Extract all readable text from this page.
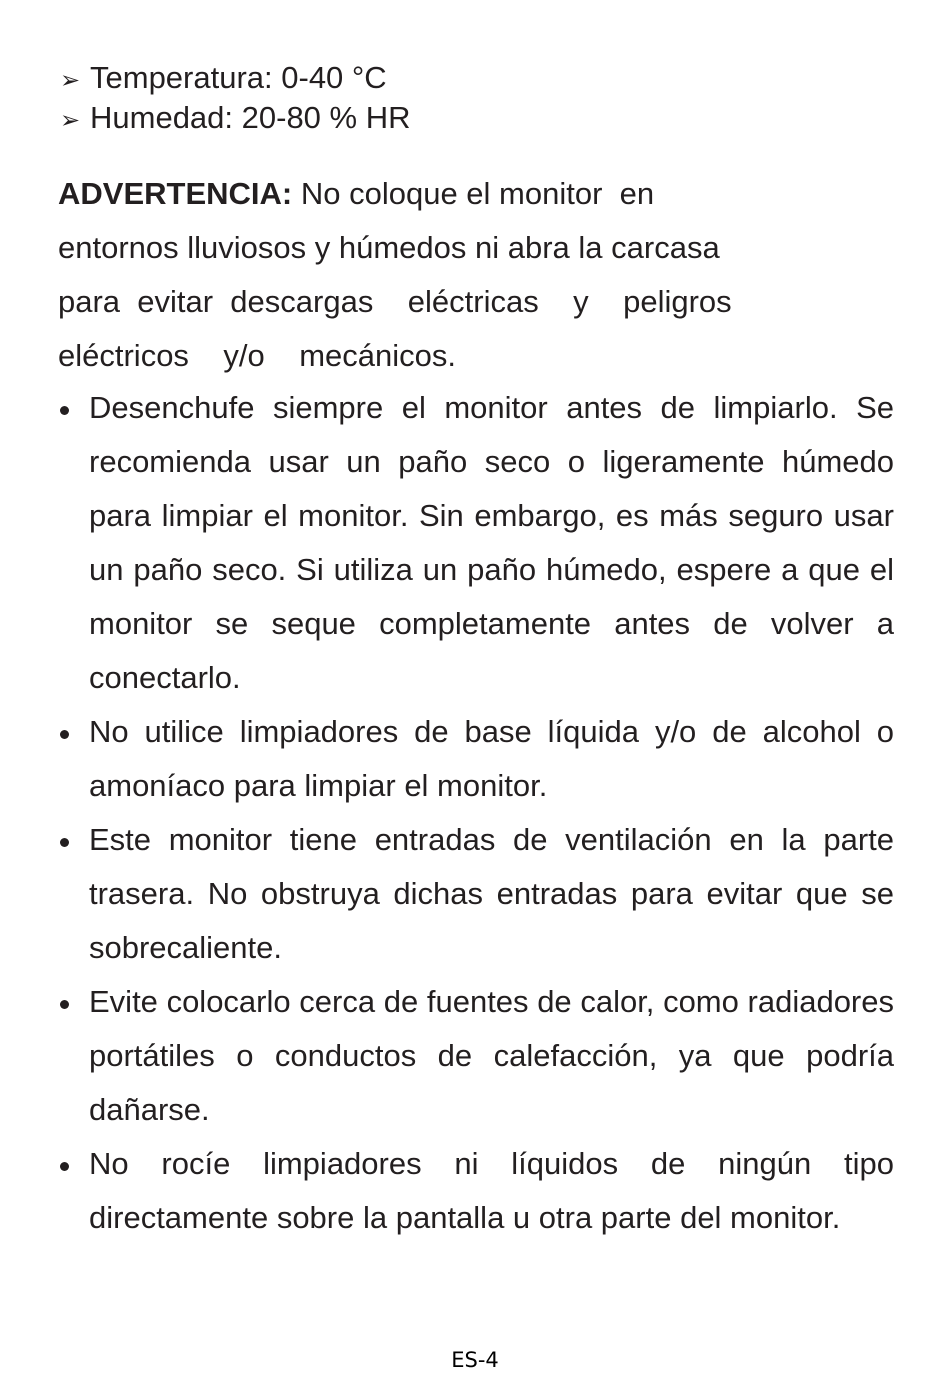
➢ Temperatura: 0-40 °C
➢ Humedad: 20-80 % HR
ADVERTENCIA: No coloque el monitor  en
entornos lluviosos y húmedos ni abra la carcasa
para  evitar  descargas    eléctricas    y    peligros
eléctricos    y/o    mecánicos.
Desenchufe siempre el monitor antes de limpiarlo. Se recomienda usar un paño seco o ligeramente húmedo para limpiar el monitor. Sin embargo, es más seguro usar un paño seco. Si utiliza un paño húmedo, espere a que el monitor se seque completamente antes de volver a conectarlo.
No utilice limpiadores de base líquida y/o de alcohol o amoníaco para limpiar el monitor.
Este monitor tiene entradas de ventilación en la parte trasera. No obstruya dichas entradas para evitar que se sobrecaliente.
Evite colocarlo cerca de fuentes de calor, como radiadores portátiles o conductos de calefacción, ya que podría dañarse.
No rocíe limpiadores ni líquidos de ningún tipo directamente sobre la pantalla u otra parte del monitor.
ES-4
